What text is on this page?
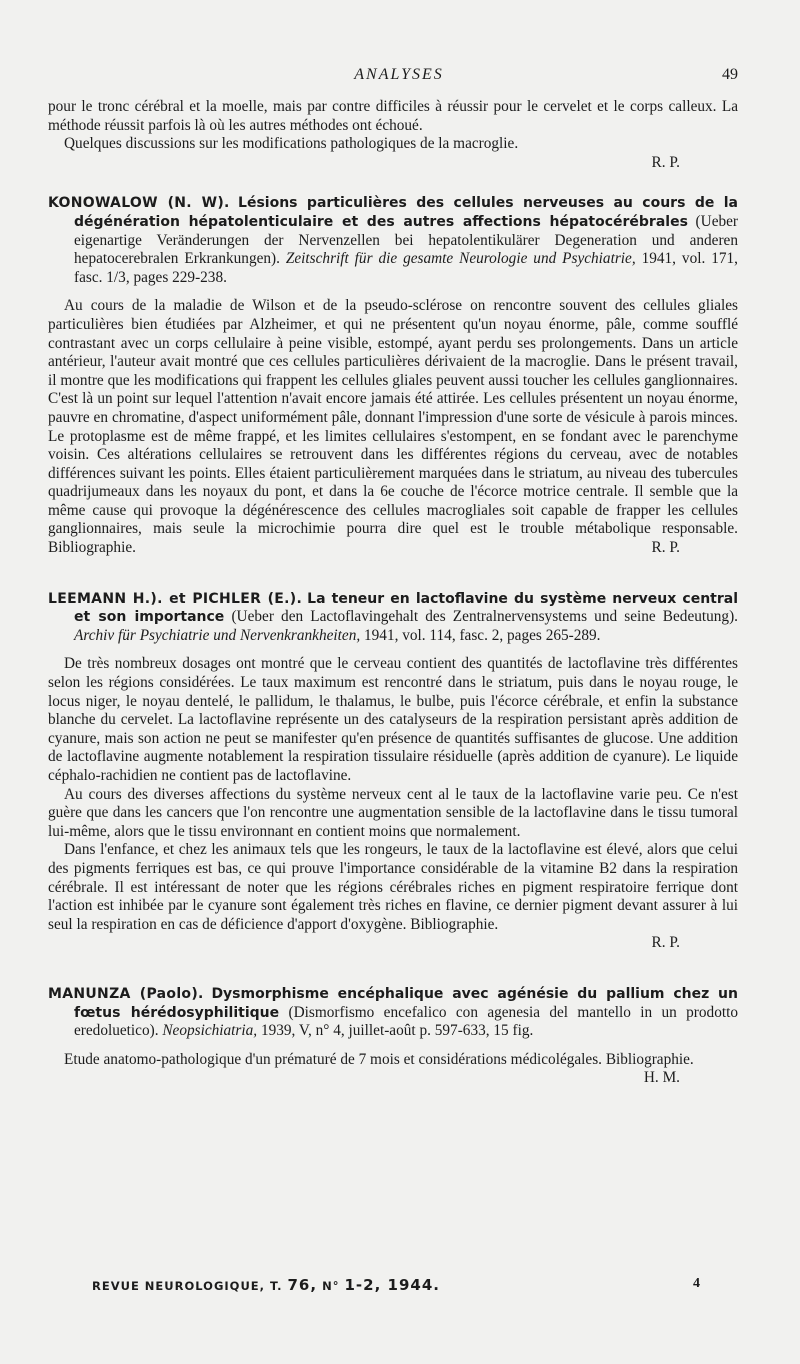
ANALYSES	49

pour le tronc cérébral et la moelle, mais par contre difficiles à réussir pour le cervelet et le corps calleux. La méthode réussit parfois là où les autres méthodes ont échoué.

Quelques discussions sur les modifications pathologiques de la macroglie.

R. P.

KONOWALOW (N. W). Lésions particulières des cellules nerveuses au cours de la dégénération hépatolenticulaire et des autres affections hépatocérébrales (Ueber eigenartige Veränderungen der Nervenzellen bei hepatolentikulärer Degeneration und anderen hepatocerebralen Erkrankungen). Zeitschrift für die gesamte Neurologie und Psychiatrie, 1941, vol. 171, fasc. 1/3, pages 229-238.

Au cours de la maladie de Wilson et de la pseudo-sclérose on rencontre souvent des cellules gliales particulières bien étudiées par Alzheimer, et qui ne présentent qu'un noyau énorme, pâle, comme soufflé contrastant avec un corps cellulaire à peine visible, estompé, ayant perdu ses prolongements. Dans un article antérieur, l'auteur avait montré que ces cellules particulières dérivaient de la macroglie. Dans le présent travail, il montre que les modifications qui frappent les cellules gliales peuvent aussi toucher les cellules ganglionnaires. C'est là un point sur lequel l'attention n'avait encore jamais été attirée. Les cellules présentent un noyau énorme, pauvre en chromatine, d'aspect uniformément pâle, donnant l'impression d'une sorte de vésicule à parois minces. Le protoplasme est de même frappé, et les limites cellulaires s'estompent, en se fondant avec le parenchyme voisin. Ces altérations cellulaires se retrouvent dans les différentes régions du cerveau, avec de notables différences suivant les points. Elles étaient particulièrement marquées dans le striatum, au niveau des tubercules quadrijumeaux dans les noyaux du pont, et dans la 6e couche de l'écorce motrice centrale. Il semble que la même cause qui provoque la dégénérescence des cellules macrogliales soit capable de frapper les cellules ganglionnaires, mais seule la microchimie pourra dire quel est le trouble métabolique responsable. Bibliographie.	R. P.

LEEMANN H.). et PICHLER (E.). La teneur en lactoflavine du système nerveux central et son importance (Ueber den Lactoflavingehalt des Zentralnervensystems und seine Bedeutung). Archiv für Psychiatrie und Nervenkrankheiten, 1941, vol. 114, fasc. 2, pages 265-289.

De très nombreux dosages ont montré que le cerveau contient des quantités de lactoflavine très différentes selon les régions considérées. Le taux maximum est rencontré dans le striatum, puis dans le noyau rouge, le locus niger, le noyau dentelé, le pallidum, le thalamus, le bulbe, puis l'écorce cérébrale, et enfin la substance blanche du cervelet. La lactoflavine représente un des catalyseurs de la respiration persistant après addition de cyanure, mais son action ne peut se manifester qu'en présence de quantités suffisantes de glucose. Une addition de lactoflavine augmente notablement la respiration tissulaire résiduelle (après addition de cyanure). Le liquide céphalo-rachidien ne contient pas de lactoflavine.

Au cours des diverses affections du système nerveux cent al le taux de la lactoflavine varie peu. Ce n'est guère que dans les cancers que l'on rencontre une augmentation sensible de la lactoflavine dans le tissu tumoral lui-même, alors que le tissu environnant en contient moins que normalement.

Dans l'enfance, et chez les animaux tels que les rongeurs, le taux de la lactoflavine est élevé, alors que celui des pigments ferriques est bas, ce qui prouve l'importance considérable de la vitamine B2 dans la respiration cérébrale. Il est intéressant de noter que les régions cérébrales riches en pigment respiratoire ferrique dont l'action est inhibée par le cyanure sont également très riches en flavine, ce dernier pigment devant assurer à lui seul la respiration en cas de déficience d'apport d'oxygène. Bibliographie.

R. P.

MANUNZA (Paolo). Dysmorphisme encéphalique avec agénésie du pallium chez un fœtus hérédosyphilitique (Dismorfismo encefalico con agenesia del mantello in un prodotto eredoluetico). Neopsichiatria, 1939, V, n° 4, juillet-août p. 597-633, 15 fig.

Etude anatomo-pathologique d'un prématuré de 7 mois et considérations médicolégales. Bibliographie.
H. M.

REVUE NEUROLOGIQUE, T. 76, N° 1-2, 1944.	4
